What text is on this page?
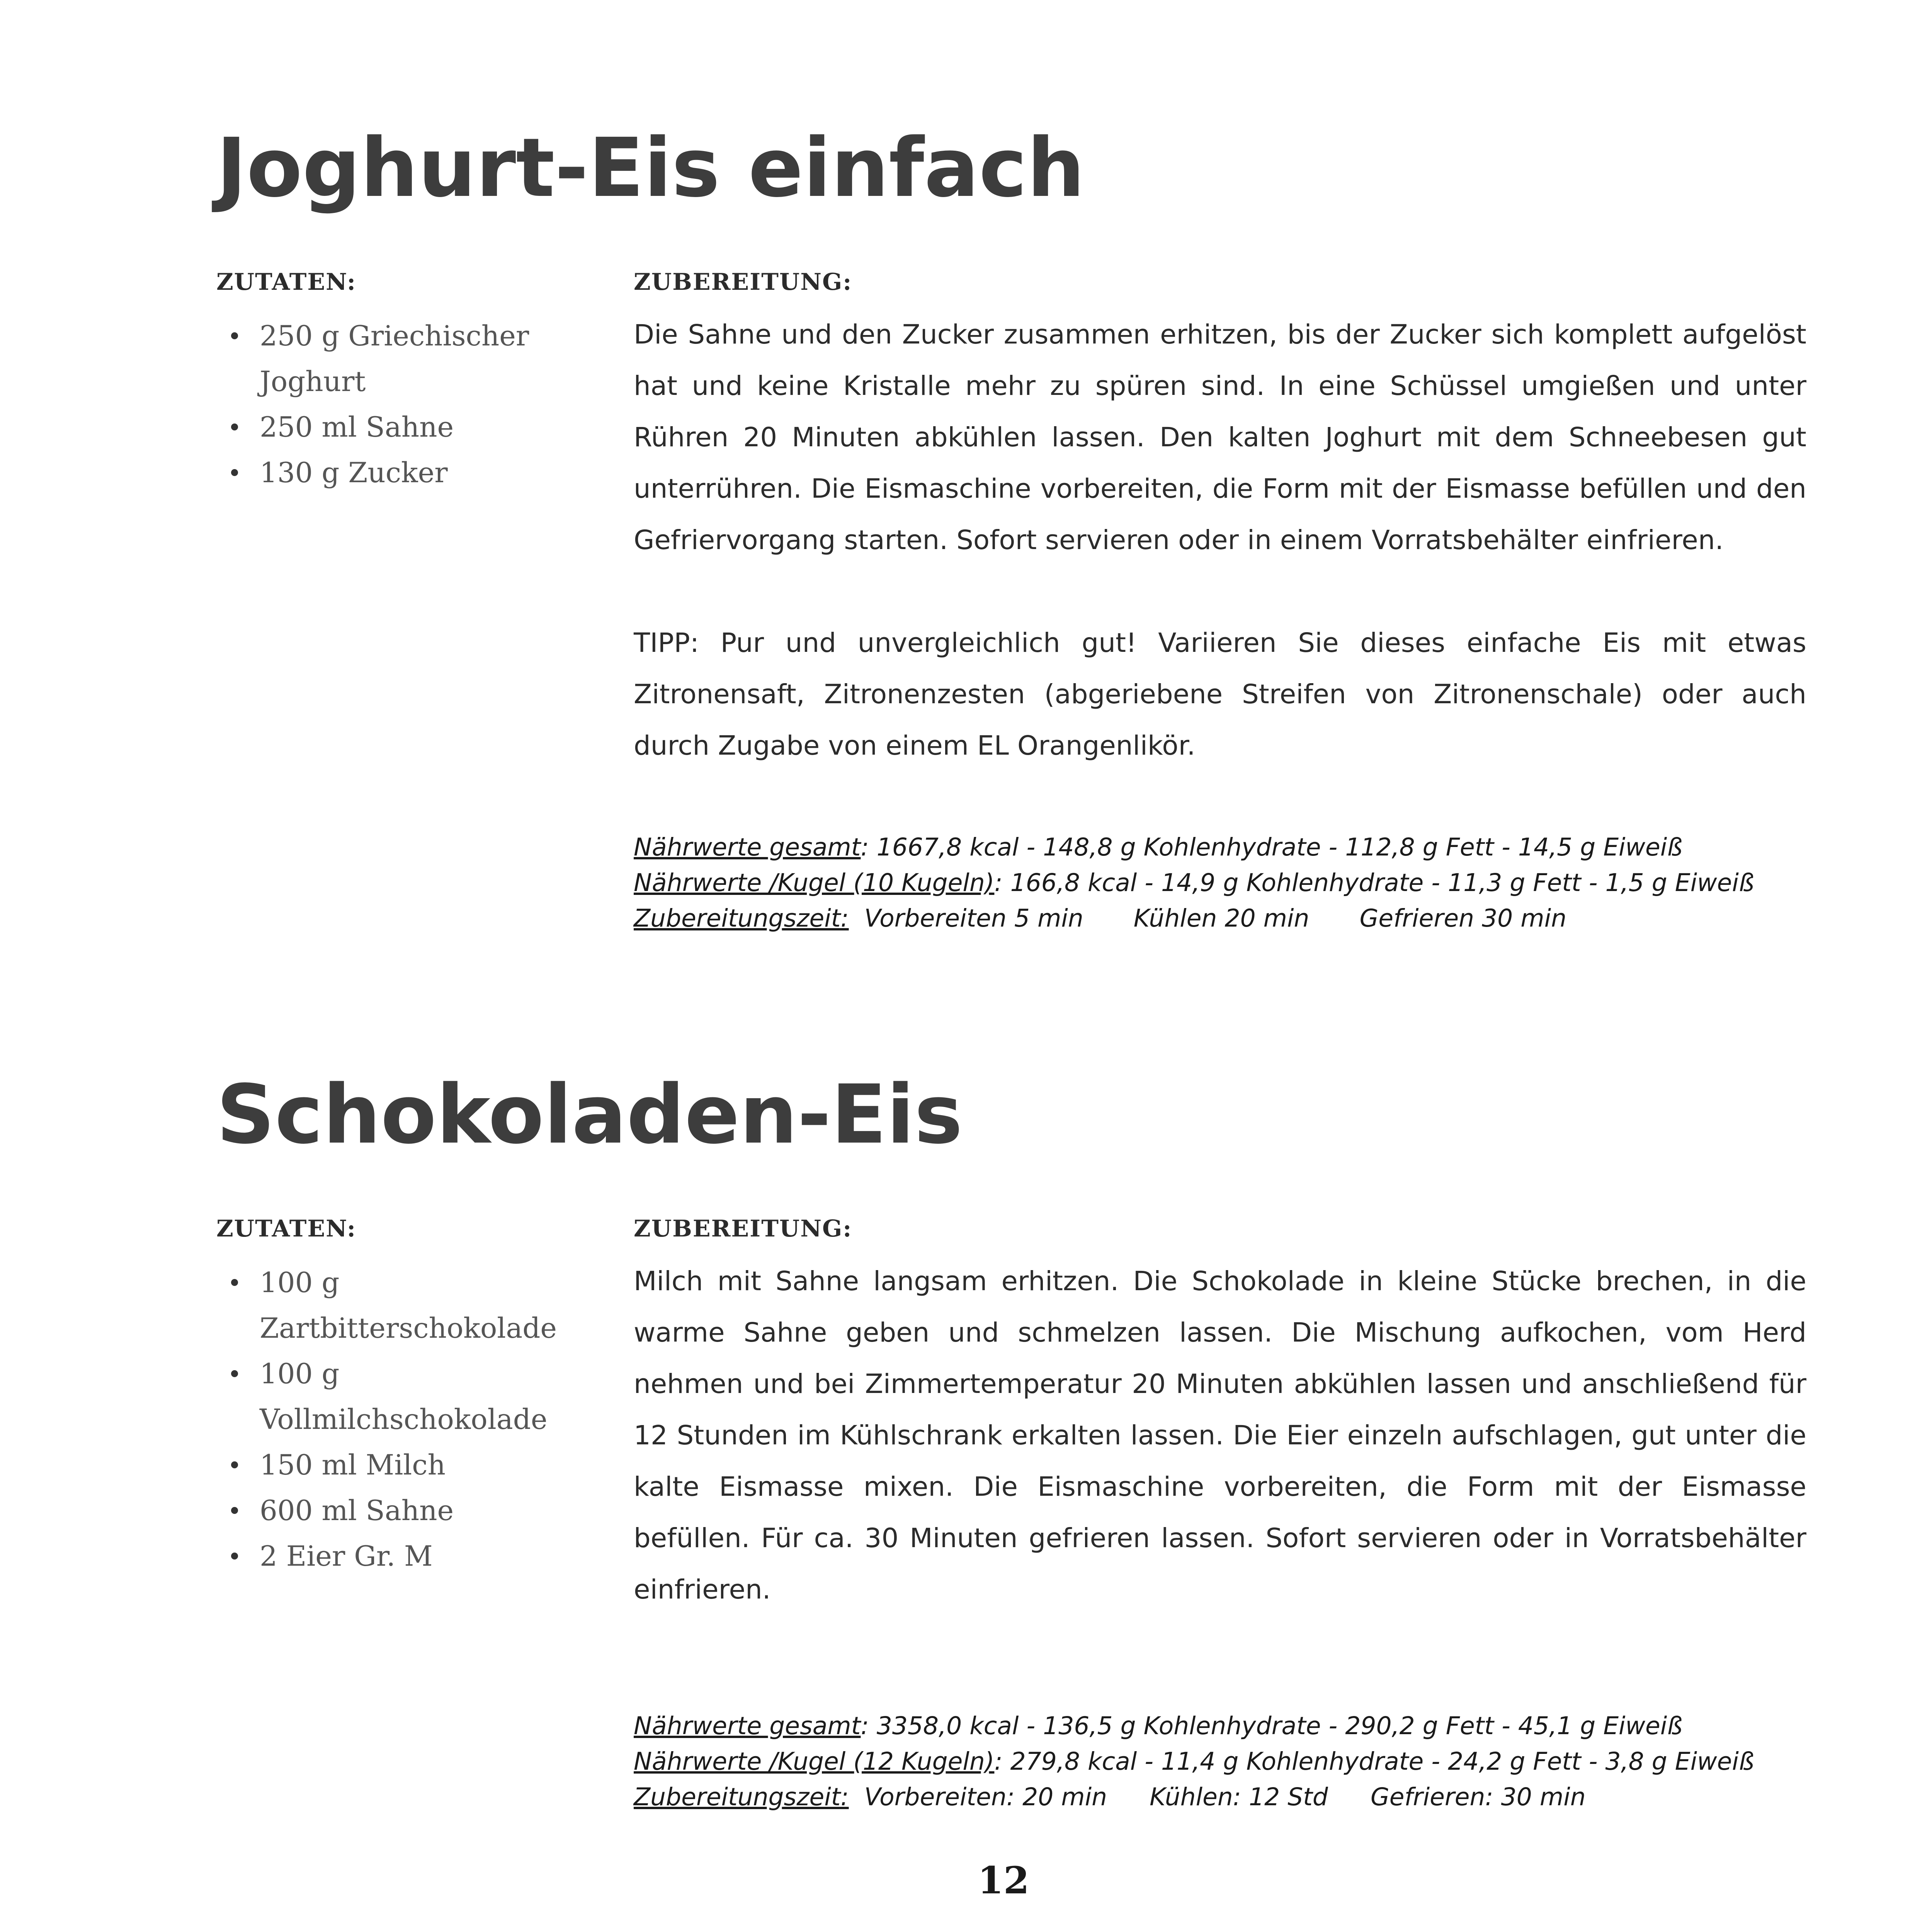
Joghurt-Eis einfach

ZUTATEN:

250 g Griechischer Joghurt
250 ml Sahne
130 g Zucker

ZUBEREITUNG:

Die Sahne und den Zucker zusammen erhitzen, bis der Zucker sich komplett aufgelöst hat und keine Kristalle mehr zu spüren sind. In eine Schüssel umgießen und unter Rühren 20 Minuten abkühlen lassen. Den kalten Joghurt mit dem Schneebesen gut unterrühren. Die Eismaschine vorbereiten, die Form mit der Eismasse befüllen und den Gefriervorgang starten. Sofort servieren oder in einem Vorratsbehälter einfrieren.

TIPP: Pur und unvergleichlich gut! Variieren Sie dieses einfache Eis mit etwas Zitronensaft, Zitronenzesten (abgeriebene Streifen von Zitronenschale) oder auch durch Zugabe von einem EL Orangenlikör.

Nährwerte gesamt: 1667,8 kcal - 148,8 g Kohlenhydrate - 112,8 g Fett - 14,5 g Eiweiß
Nährwerte /Kugel (10 Kugeln): 166,8 kcal - 14,9 g Kohlenhydrate - 11,3 g Fett - 1,5 g Eiweiß
Zubereitungszeit: Vorbereiten 5 min Kühlen 20 min Gefrieren 30 min
Schokoladen-Eis

ZUTATEN:

100 g Zartbitterschokolade
100 g Vollmilchschokolade
150 ml Milch
600 ml Sahne
2 Eier Gr. M

ZUBEREITUNG:

Milch mit Sahne langsam erhitzen. Die Schokolade in kleine Stücke brechen, in die warme Sahne geben und schmelzen lassen. Die Mischung aufkochen, vom Herd nehmen und bei Zimmertemperatur 20 Minuten abkühlen lassen und anschließend für 12 Stunden im Kühlschrank erkalten lassen. Die Eier einzeln aufschlagen, gut unter die kalte Eismasse mixen. Die Eismaschine vorbereiten, die Form mit der Eismasse befüllen. Für ca. 30 Minuten gefrieren lassen. Sofort servieren oder in Vorratsbehälter einfrieren.

Nährwerte gesamt: 3358,0 kcal - 136,5 g Kohlenhydrate - 290,2 g Fett - 45,1 g Eiweiß
Nährwerte /Kugel (12 Kugeln): 279,8 kcal - 11,4 g Kohlenhydrate - 24,2 g Fett - 3,8 g Eiweiß
Zubereitungszeit: Vorbereiten: 20 min Kühlen: 12 Std Gefrieren: 30 min
12
